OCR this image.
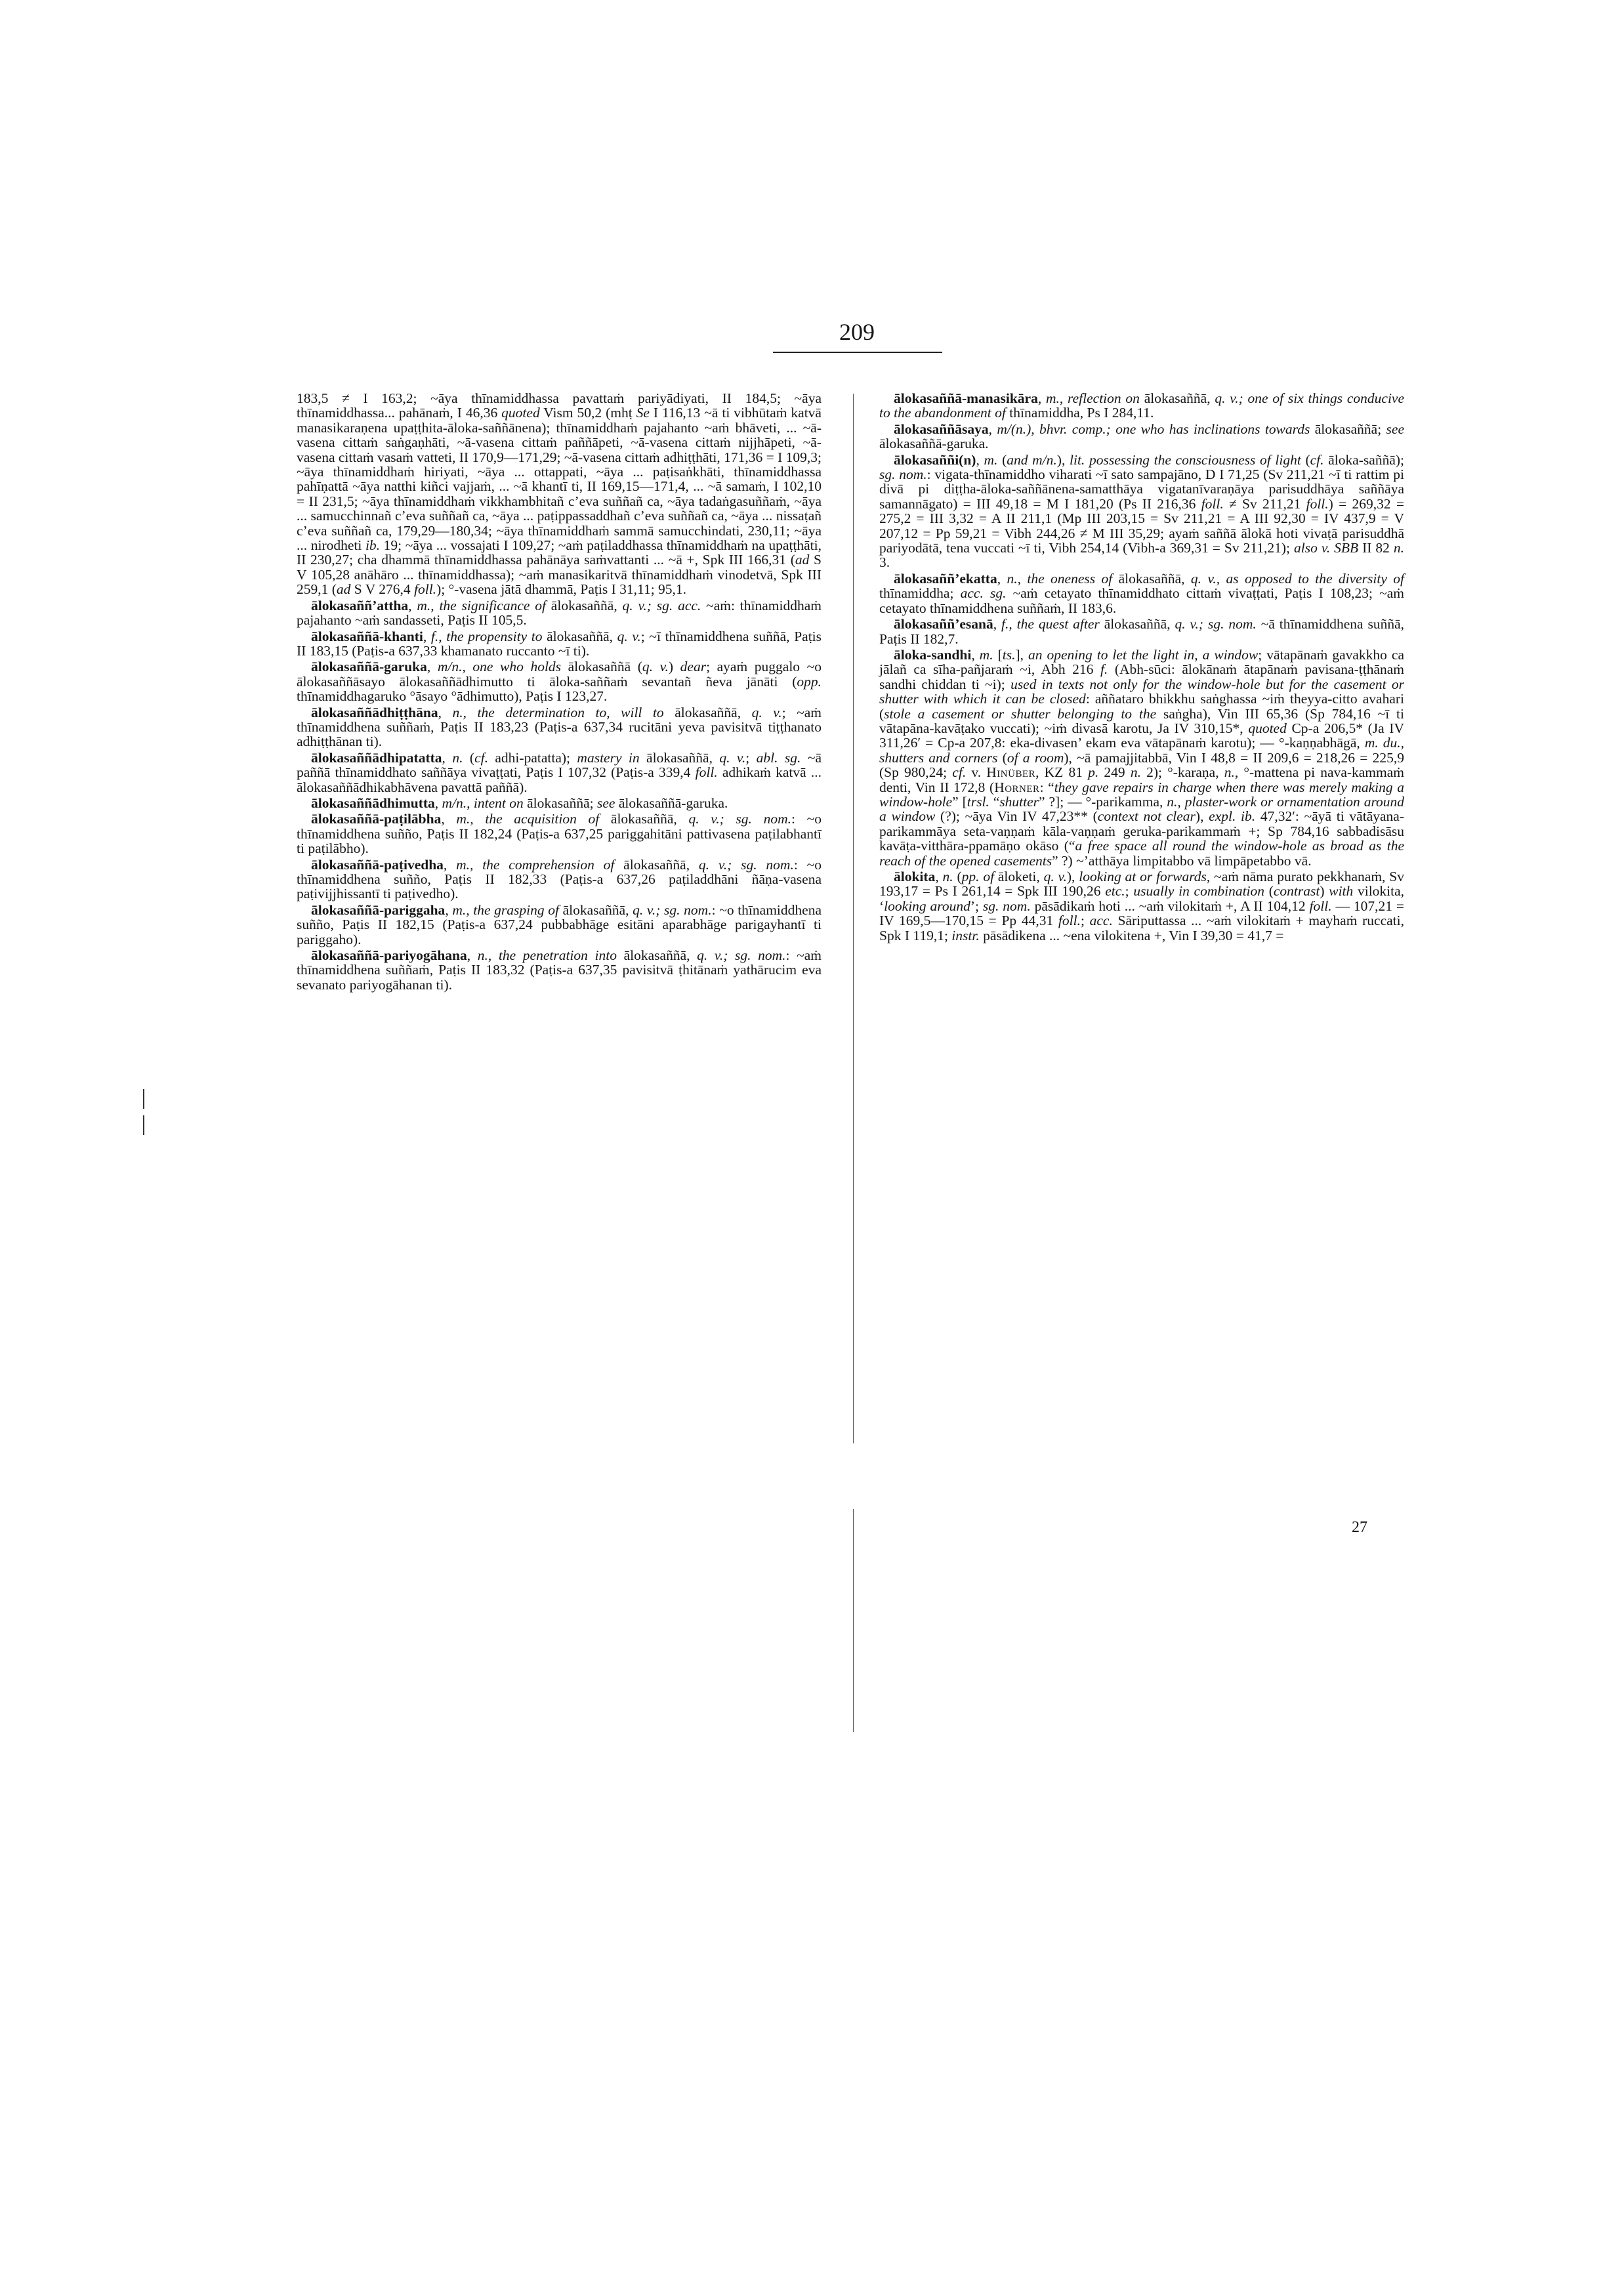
209

183,5 ≠ I 163,2; ~āya thīnamiddhassa pavattaṁ pariyādiyati, II 184,5; ~āya thīnamiddhassa... pahānaṁ, I 46,36 quoted Vism 50,2 (mhṭ Se I 116,13 ~ā ti vibhūtaṁ katvā manasikaraṇena upaṭṭhita-āloka-saññānena); thīnamiddhaṁ pajahanto ~aṁ bhāveti, ... ~ā-vasena cittaṁ saṅgaṇhāti, ~ā-vasena cittaṁ paññāpeti, ~ā-vasena cittaṁ nijjhāpeti, ~ā-vasena cittaṁ vasaṁ vatteti, II 170,9—171,29; ~ā-vasena cittaṁ adhiṭṭhāti, 171,36 = I 109,3; ~āya thīnamiddhaṁ hiriyati, ~āya ... ottappati, ~āya ... paṭisaṅkhāti, thīnamiddhassa pahīṇattā ~āya natthi kiñci vajjaṁ, ... ~ā khantī ti, II 169,15—171,4, ... ~ā samaṁ, I 102,10 = II 231,5; ~āya thīnamiddhaṁ vikkhambhitañ c’eva suññañ ca, ~āya tadaṅgasuññaṁ, ~āya ... samucchinnañ c’eva suññañ ca, ~āya ... paṭippassaddhañ c’eva suññañ ca, ~āya ... nissaṭañ c’eva suññañ ca, 179,29—180,34; ~āya thīnamiddhaṁ sammā samucchindati, 230,11; ~āya ... nirodheti ib. 19; ~āya ... vossajati I 109,27; ~aṁ paṭiladdhassa thīnamiddhaṁ na upaṭṭhāti, II 230,27; cha dhammā thīnamiddhassa pahānāya saṁvattanti ... ~ā +, Spk III 166,31 (ad S V 105,28 anāhāro ... thīnamiddhassa); ~aṁ manasikaritvā thīnamiddhaṁ vinodetvā, Spk III 259,1 (ad S V 276,4 foll.); °-vasena jātā dhammā, Paṭis I 31,11; 95,1.

ālokasaññ’attha, m., the significance of ālokasaññā, q. v.; sg. acc. ~aṁ: thīnamiddhaṁ pajahanto ~aṁ sandasseti, Paṭis II 105,5.

ālokasaññā-khanti, f., the propensity to ālokasaññā, q. v.; ~ī thīnamiddhena suññā, Paṭis II 183,15 (Paṭis-a 637,33 khamanato ruccanto ~ī ti).

ālokasaññā-garuka, m/n., one who holds ālokasaññā (q. v.) dear; ayaṁ puggalo ~o ālokasaññāsayo ālokasaññādhimutto ti āloka-saññaṁ sevantañ ñeva jānāti (opp. thīnamiddhagaruko °āsayo °ādhimutto), Paṭis I 123,27.

ālokasaññādhiṭṭhāna, n., the determination to, will to ālokasaññā, q. v.; ~aṁ thīnamiddhena suññaṁ, Paṭis II 183,23 (Paṭis-a 637,34 rucitāni yeva pavisitvā tiṭṭhanato adhiṭṭhānan ti).

ālokasaññādhipatatta, n. (cf. adhi-patatta); mastery in ālokasaññā, q. v.; abl. sg. ~ā paññā thīnamiddhato saññāya vivaṭṭati, Paṭis I 107,32 (Paṭis-a 339,4 foll. adhikaṁ katvā ... ālokasaññādhikabhāvena pavattā paññā).

ālokasaññādhimutta, m/n., intent on ālokasaññā; see ālokasaññā-garuka.

ālokasaññā-paṭilābha, m., the acquisition of ālokasaññā, q. v.; sg. nom.: ~o thīnamiddhena suñño, Paṭis II 182,24 (Paṭis-a 637,25 pariggahitāni pattivasena paṭilabhantī ti paṭilābho).

ālokasaññā-paṭivedha, m., the comprehension of ālokasaññā, q. v.; sg. nom.: ~o thīnamiddhena suñño, Paṭis II 182,33 (Paṭis-a 637,26 paṭiladdhāni ñāṇa-vasena paṭivijjhissantī ti paṭivedho).

ālokasaññā-pariggaha, m., the grasping of ālokasaññā, q. v.; sg. nom.: ~o thīnamiddhena suñño, Paṭis II 182,15 (Paṭis-a 637,24 pubbabhāge esitāni aparabhāge parigayhantī ti pariggaho).

ālokasaññā-pariyogāhana, n., the penetration into ālokasaññā, q. v.; sg. nom.: ~aṁ thīnamiddhena suññaṁ, Paṭis II 183,32 (Paṭis-a 637,35 pavisitvā ṭhitānaṁ yathārucim eva sevanato pariyogāhanan ti).

ālokasaññā-manasikāra, m., reflection on ālokasaññā, q. v.; one of six things conducive to the abandonment of thīnamiddha, Ps I 284,11.

ālokasaññāsaya, m/(n.), bhvr. comp.; one who has inclinations towards ālokasaññā; see ālokasaññā-garuka.

ālokasaññi(n), m. (and m/n.), lit. possessing the consciousness of light (cf. āloka-saññā); sg. nom.: vigata-thīnamiddho viharati ~ī sato sampajāno, D I 71,25 (Sv 211,21 ~ī ti rattim pi divā pi diṭṭha-āloka-saññānena-samatthāya vigatanīvaraṇāya parisuddhāya saññāya samannāgato) = III 49,18 = M I 181,20 (Ps II 216,36 foll. ≠ Sv 211,21 foll.) = 269,32 = 275,2 = III 3,32 = A II 211,1 (Mp III 203,15 = Sv 211,21 = A III 92,30 = IV 437,9 = V 207,12 = Pp 59,21 = Vibh 244,26 ≠ M III 35,29; ayaṁ saññā ālokā hoti vivaṭā parisuddhā pariyodātā, tena vuccati ~ī ti, Vibh 254,14 (Vibh-a 369,31 = Sv 211,21); also v. SBB II 82 n. 3.

ālokasaññ’ekatta, n., the oneness of ālokasaññā, q. v., as opposed to the diversity of thīnamiddha; acc. sg. ~aṁ cetayato thīnamiddhato cittaṁ vivaṭṭati, Paṭis I 108,23; ~aṁ cetayato thīnamiddhena suññaṁ, II 183,6.

ālokasaññ’esanā, f., the quest after ālokasaññā, q. v.; sg. nom. ~ā thīnamiddhena suññā, Paṭis II 182,7.

āloka-sandhi, m. [ts.], an opening to let the light in, a window; vātapānaṁ gavakkho ca jālañ ca sīha-pañjaraṁ ~i, Abh 216 f. (Abh-sūci: ālokānaṁ ātapānaṁ pavisana-ṭṭhānaṁ sandhi chiddan ti ~i); used in texts not only for the window-hole but for the casement or shutter with which it can be closed: aññataro bhikkhu saṅghassa ~iṁ theyya-citto avahari (stole a casement or shutter belonging to the saṅgha), Vin III 65,36 (Sp 784,16 ~ī ti vātapāna-kavāṭako vuccati); ~iṁ divasā karotu, Ja IV 310,15*, quoted Cp-a 206,5* (Ja IV 311,26′ = Cp-a 207,8: eka-divasen’ ekam eva vātapānaṁ karotu); — °-kaṇṇabhāgā, m. du., shutters and corners (of a room), ~ā pamajjitabbā, Vin I 48,8 = II 209,6 = 218,26 = 225,9 (Sp 980,24; cf. v. Hinüber, KZ 81 p. 249 n. 2); °-karaṇa, n., °-mattena pi nava-kammaṁ denti, Vin II 172,8 (Horner: “they gave repairs in charge when there was merely making a window-hole” [trsl. “shutter” ?]; — °-parikamma, n., plaster-work or ornamentation around a window (?); ~āya Vin IV 47,23** (context not clear), expl. ib. 47,32′: ~āyā ti vātāyana-parikammāya seta-vaṇṇaṁ kāla-vaṇṇaṁ geruka-parikammaṁ +; Sp 784,16 sabbadisāsu kavāṭa-vitthāra-ppamāṇo okāso (“a free space all round the window-hole as broad as the reach of the opened casements” ?) ~’atthāya limpitabbo vā limpāpetabbo vā.

ālokita, n. (pp. of āloketi, q. v.), looking at or forwards, ~aṁ nāma purato pekkhanaṁ, Sv 193,17 = Ps I 261,14 = Spk III 190,26 etc.; usually in combination (contrast) with vilokita, ‘looking around’; sg. nom. pāsādikaṁ hoti ... ~aṁ vilokitaṁ +, A II 104,12 foll. — 107,21 = IV 169,5—170,15 = Pp 44,31 foll.; acc. Sāriputtassa ... ~aṁ vilokitaṁ + mayhaṁ ruccati, Spk I 119,1; instr. pāsādikena ... ~ena vilokitena +, Vin I 39,30 = 41,7 =

27
